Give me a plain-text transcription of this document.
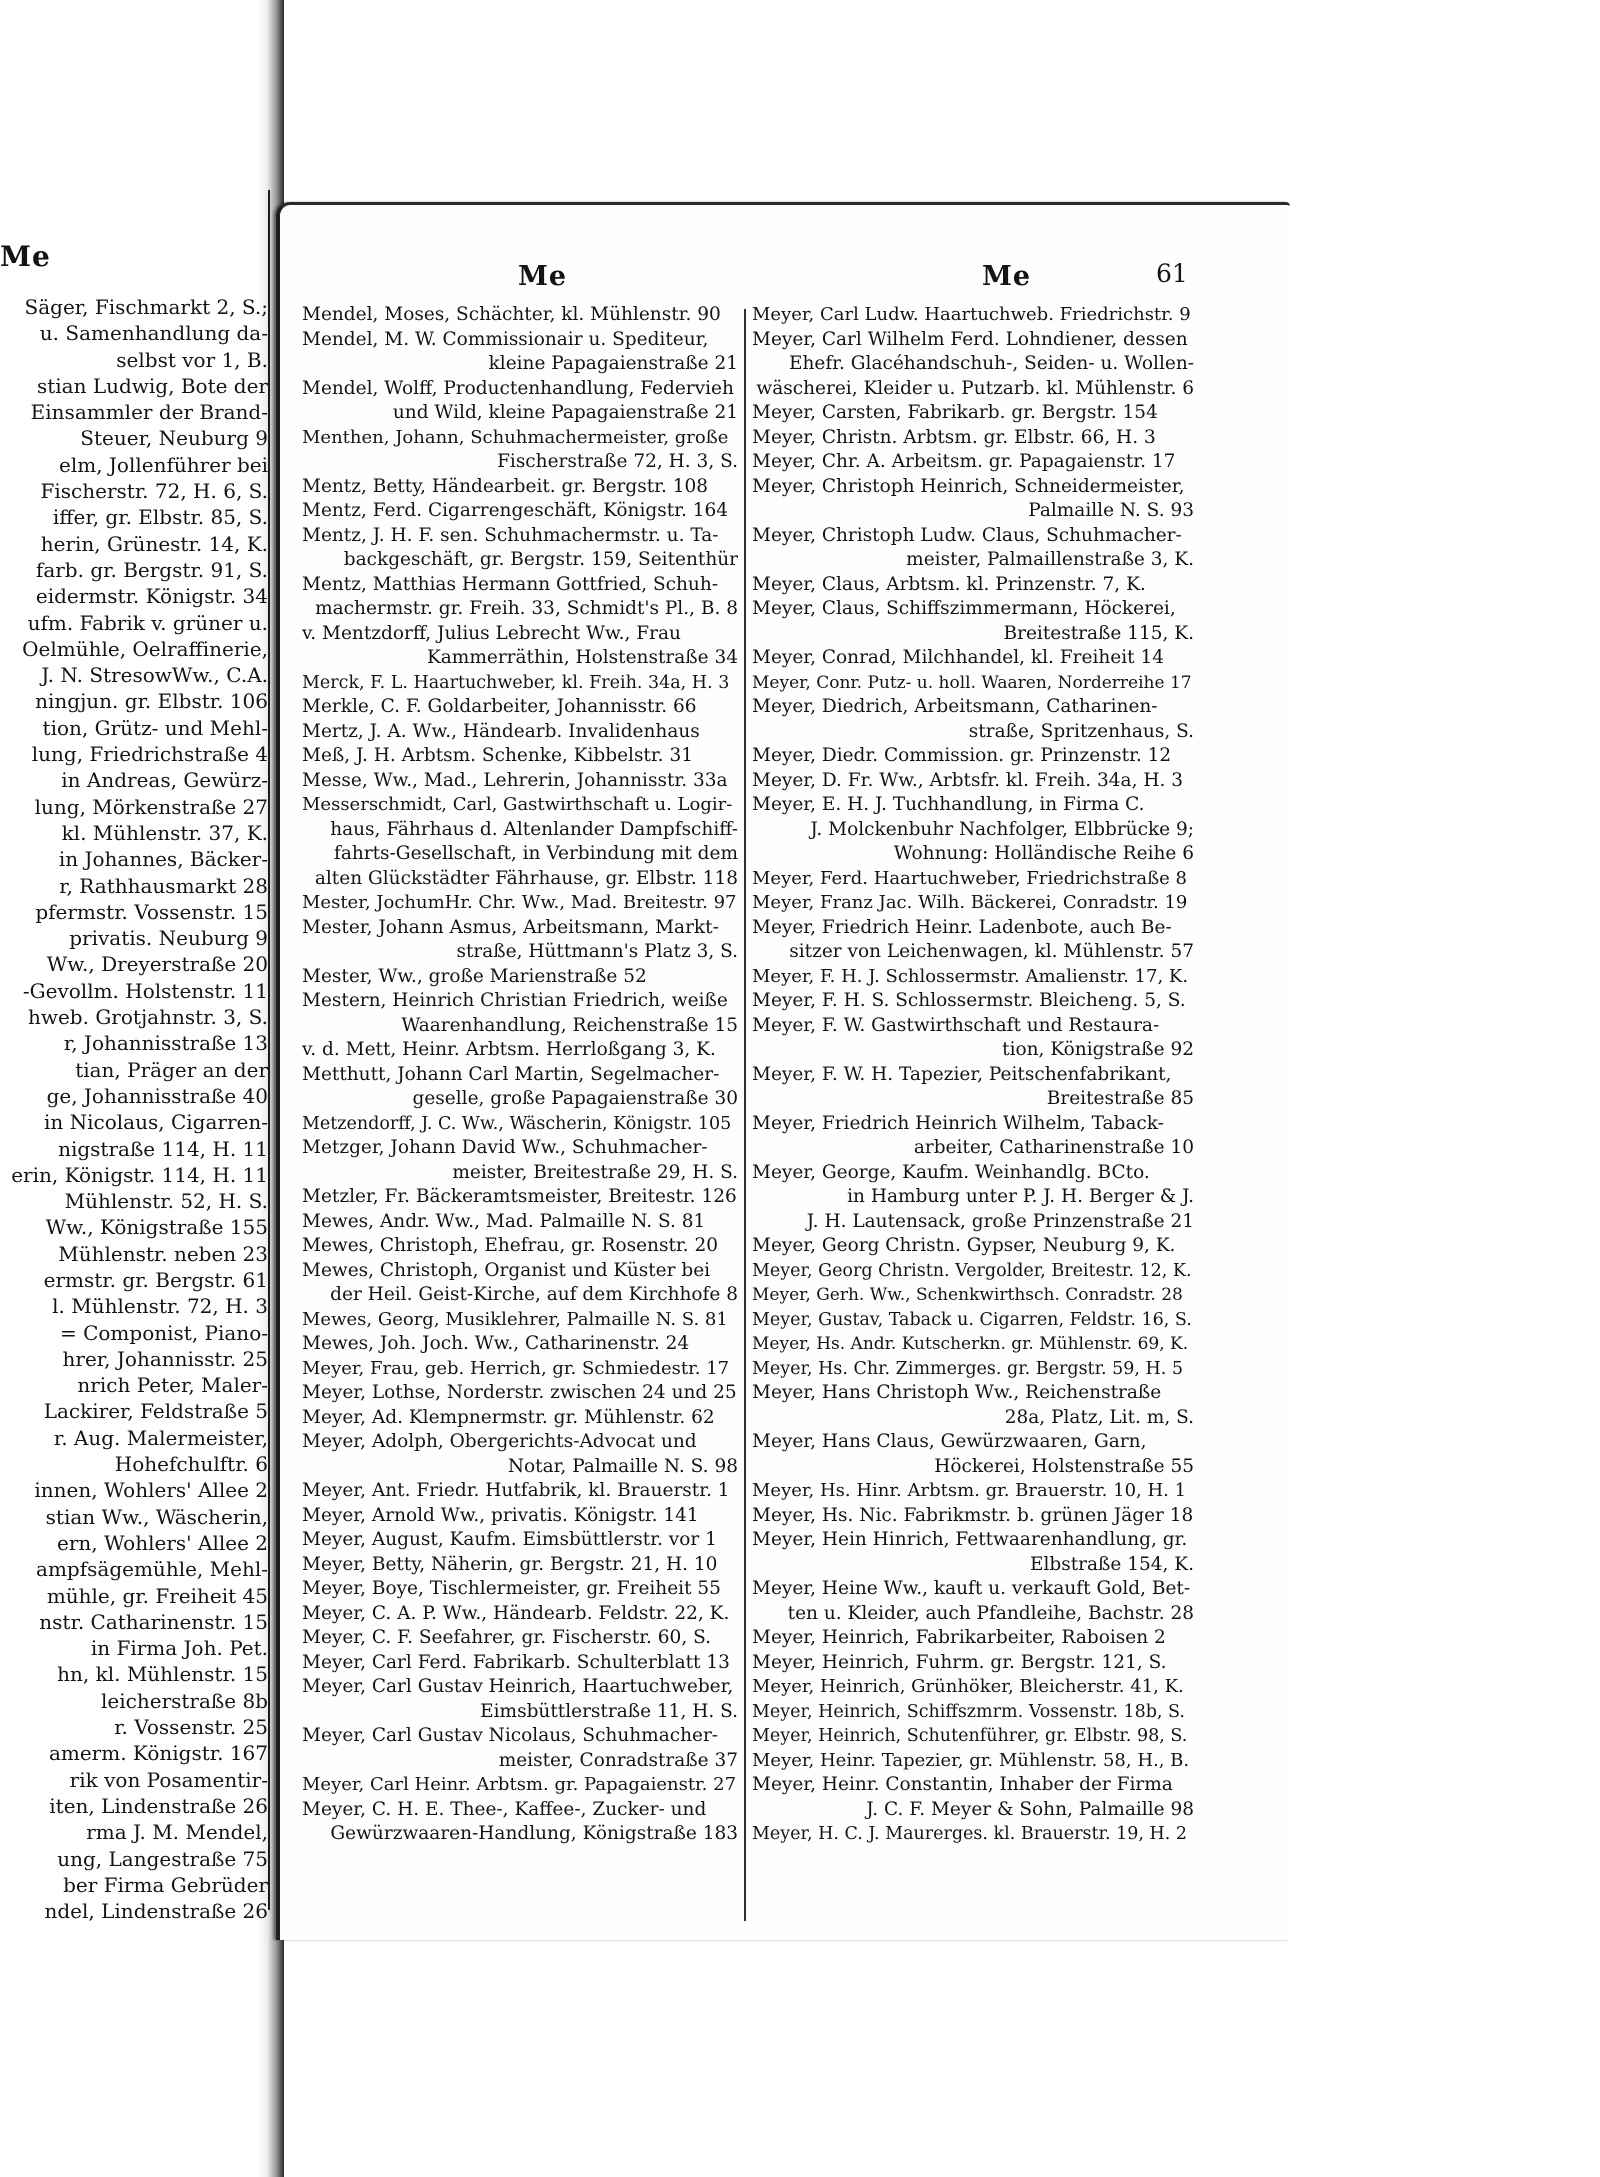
Me
Säger, Fischmarkt 2, S.;
u. Samenhandlung da-
selbst vor 1, B.
stian Ludwig, Bote der
Einsammler der Brand-
Steuer, Neuburg 9
elm, Jollenführer bei
Fischerstr. 72, H. 6, S.
iffer, gr. Elbstr. 85, S.
herin, Grünestr. 14, K.
farb. gr. Bergstr. 91, S.
eidermstr. Königstr. 34
ufm. Fabrik v. grüner u.
Oelmühle, Oelraffinerie,
J. N. StresowWw., C.A.
ningjun. gr. Elbstr. 106
tion, Grütz- und Mehl-
lung, Friedrichstraße 4
in Andreas, Gewürz-
lung, Mörkenstraße 27
kl. Mühlenstr. 37, K.
in Johannes, Bäcker-
r, Rathhausmarkt 28
pfermstr. Vossenstr. 15
privatis. Neuburg 9
Ww., Dreyerstraße 20
-Gevollm. Holstenstr. 11
hweb. Grotjahnstr. 3, S.
r, Johannisstraße 13
tian, Präger an der
ge, Johannisstraße 40
in Nicolaus, Cigarren-
nigstraße 114, H. 11
erin, Königstr. 114, H. 11
Mühlenstr. 52, H. S.
Ww., Königstraße 155
Mühlenstr. neben 23
ermstr. gr. Bergstr. 61
l. Mühlenstr. 72, H. 3
= Componist, Piano-
hrer, Johannisstr. 25
nrich Peter, Maler-
Lackirer, Feldstraße 5
r. Aug. Malermeister,
Hohefchulftr. 6
innen, Wohlers' Allee 2
stian Ww., Wäscherin,
ern, Wohlers' Allee 2
ampfsägemühle, Mehl-
mühle, gr. Freiheit 45
nstr. Catharinenstr. 15
in Firma Joh. Pet.
hn, kl. Mühlenstr. 15
leicherstraße 8b
r. Vossenstr. 25
amerm. Königstr. 167
rik von Posamentir-
iten, Lindenstraße 26
rma J. M. Mendel,
ung, Langestraße 75
ber Firma Gebrüder
ndel, Lindenstraße 26
Me	Me	61
Mendel, Moses, Schächter, kl. Mühlenstr. 90
Mendel, M. W. Commissionair u. Spediteur,
kleine Papagaienstraße 21
Mendel, Wolff, Productenhandlung, Federvieh
und Wild, kleine Papagaienstraße 21
Menthen, Johann, Schuhmachermeister, große
Fischerstraße 72, H. 3, S.
Mentz, Betty, Händearbeit. gr. Bergstr. 108
Mentz, Ferd. Cigarrengeschäft, Königstr. 164
Mentz, J. H. F. sen. Schuhmachermstr. u. Ta-
backgeschäft, gr. Bergstr. 159, Seitenthür
Mentz, Matthias Hermann Gottfried, Schuh-
machermstr. gr. Freih. 33, Schmidt's Pl., B. 8
v. Mentzdorff, Julius Lebrecht Ww., Frau
Kammerräthin, Holstenstraße 34
Merck, F. L. Haartuchweber, kl. Freih. 34a, H. 3
Merkle, C. F. Goldarbeiter, Johannisstr. 66
Mertz, J. A. Ww., Händearb. Invalidenhaus
Meß, J. H. Arbtsm. Schenke, Kibbelstr. 31
Messe, Ww., Mad., Lehrerin, Johannisstr. 33a
Messerschmidt, Carl, Gastwirthschaft u. Logir-
haus, Fährhaus d. Altenlander Dampfschiff-
fahrts-Gesellschaft, in Verbindung mit dem
alten Glückstädter Fährhause, gr. Elbstr. 118
Mester, JochumHr. Chr. Ww., Mad. Breitestr. 97
Mester, Johann Asmus, Arbeitsmann, Markt-
straße, Hüttmann's Platz 3, S.
Mester, Ww., große Marienstraße 52
Mestern, Heinrich Christian Friedrich, weiße
Waarenhandlung, Reichenstraße 15
v. d. Mett, Heinr. Arbtsm. Herrloßgang 3, K.
Metthutt, Johann Carl Martin, Segelmacher-
geselle, große Papagaienstraße 30
Metzendorff, J. C. Ww., Wäscherin, Königstr. 105
Metzger, Johann David Ww., Schuhmacher-
meister, Breitestraße 29, H. S.
Metzler, Fr. Bäckeramtsmeister, Breitestr. 126
Mewes, Andr. Ww., Mad. Palmaille N. S. 81
Mewes, Christoph, Ehefrau, gr. Rosenstr. 20
Mewes, Christoph, Organist und Küster bei
der Heil. Geist-Kirche, auf dem Kirchhofe 8
Mewes, Georg, Musiklehrer, Palmaille N. S. 81
Mewes, Joh. Joch. Ww., Catharinenstr. 24
Meyer, Frau, geb. Herrich, gr. Schmiedestr. 17
Meyer, Lothse, Norderstr. zwischen 24 und 25
Meyer, Ad. Klempnermstr. gr. Mühlenstr. 62
Meyer, Adolph, Obergerichts-Advocat und
Notar, Palmaille N. S. 98
Meyer, Ant. Friedr. Hutfabrik, kl. Brauerstr. 1
Meyer, Arnold Ww., privatis. Königstr. 141
Meyer, August, Kaufm. Eimsbüttlerstr. vor 1
Meyer, Betty, Näherin, gr. Bergstr. 21, H. 10
Meyer, Boye, Tischlermeister, gr. Freiheit 55
Meyer, C. A. P. Ww., Händearb. Feldstr. 22, K.
Meyer, C. F. Seefahrer, gr. Fischerstr. 60, S.
Meyer, Carl Ferd. Fabrikarb. Schulterblatt 13
Meyer, Carl Gustav Heinrich, Haartuchweber,
Eimsbüttlerstraße 11, H. S.
Meyer, Carl Gustav Nicolaus, Schuhmacher-
meister, Conradstraße 37
Meyer, Carl Heinr. Arbtsm. gr. Papagaienstr. 27
Meyer, C. H. E. Thee-, Kaffee-, Zucker- und
Gewürzwaaren-Handlung, Königstraße 183
Meyer, Carl Ludw. Haartuchweb. Friedrichstr. 9
Meyer, Carl Wilhelm Ferd. Lohndiener, dessen
Ehefr. Glacéhandschuh-, Seiden- u. Wollen-
wäscherei, Kleider u. Putzarb. kl. Mühlenstr. 6
Meyer, Carsten, Fabrikarb. gr. Bergstr. 154
Meyer, Christn. Arbtsm. gr. Elbstr. 66, H. 3
Meyer, Chr. A. Arbeitsm. gr. Papagaienstr. 17
Meyer, Christoph Heinrich, Schneidermeister,
Palmaille N. S. 93
Meyer, Christoph Ludw. Claus, Schuhmacher-
meister, Palmaillenstraße 3, K.
Meyer, Claus, Arbtsm. kl. Prinzenstr. 7, K.
Meyer, Claus, Schiffszimmermann, Höckerei,
Breitestraße 115, K.
Meyer, Conrad, Milchhandel, kl. Freiheit 14
Meyer, Conr. Putz- u. holl. Waaren, Norderreihe 17
Meyer, Diedrich, Arbeitsmann, Catharinen-
straße, Spritzenhaus, S.
Meyer, Diedr. Commission. gr. Prinzenstr. 12
Meyer, D. Fr. Ww., Arbtsfr. kl. Freih. 34a, H. 3
Meyer, E. H. J. Tuchhandlung, in Firma C.
J. Molckenbuhr Nachfolger, Elbbrücke 9;
Wohnung: Holländische Reihe 6
Meyer, Ferd. Haartuchweber, Friedrichstraße 8
Meyer, Franz Jac. Wilh. Bäckerei, Conradstr. 19
Meyer, Friedrich Heinr. Ladenbote, auch Be-
sitzer von Leichenwagen, kl. Mühlenstr. 57
Meyer, F. H. J. Schlossermstr. Amalienstr. 17, K.
Meyer, F. H. S. Schlossermstr. Bleicheng. 5, S.
Meyer, F. W. Gastwirthschaft und Restaura-
tion, Königstraße 92
Meyer, F. W. H. Tapezier, Peitschenfabrikant,
Breitestraße 85
Meyer, Friedrich Heinrich Wilhelm, Taback-
arbeiter, Catharinenstraße 10
Meyer, George, Kaufm. Weinhandlg. BCto.
in Hamburg unter P. J. H. Berger & J.
J. H. Lautensack, große Prinzenstraße 21
Meyer, Georg Christn. Gypser, Neuburg 9, K.
Meyer, Georg Christn. Vergolder, Breitestr. 12, K.
Meyer, Gerh. Ww., Schenkwirthsch. Conradstr. 28
Meyer, Gustav, Taback u. Cigarren, Feldstr. 16, S.
Meyer, Hs. Andr. Kutscherkn. gr. Mühlenstr. 69, K.
Meyer, Hs. Chr. Zimmerges. gr. Bergstr. 59, H. 5
Meyer, Hans Christoph Ww., Reichenstraße
28a, Platz, Lit. m, S.
Meyer, Hans Claus, Gewürzwaaren, Garn,
Höckerei, Holstenstraße 55
Meyer, Hs. Hinr. Arbtsm. gr. Brauerstr. 10, H. 1
Meyer, Hs. Nic. Fabrikmstr. b. grünen Jäger 18
Meyer, Hein Hinrich, Fettwaarenhandlung, gr.
Elbstraße 154, K.
Meyer, Heine Ww., kauft u. verkauft Gold, Bet-
ten u. Kleider, auch Pfandleihe, Bachstr. 28
Meyer, Heinrich, Fabrikarbeiter, Raboisen 2
Meyer, Heinrich, Fuhrm. gr. Bergstr. 121, S.
Meyer, Heinrich, Grünhöker, Bleicherstr. 41, K.
Meyer, Heinrich, Schiffszmrm. Vossenstr. 18b, S.
Meyer, Heinrich, Schutenführer, gr. Elbstr. 98, S.
Meyer, Heinr. Tapezier, gr. Mühlenstr. 58, H., B.
Meyer, Heinr. Constantin, Inhaber der Firma
J. C. F. Meyer & Sohn, Palmaille 98
Meyer, H. C. J. Maurerges. kl. Brauerstr. 19, H. 2
